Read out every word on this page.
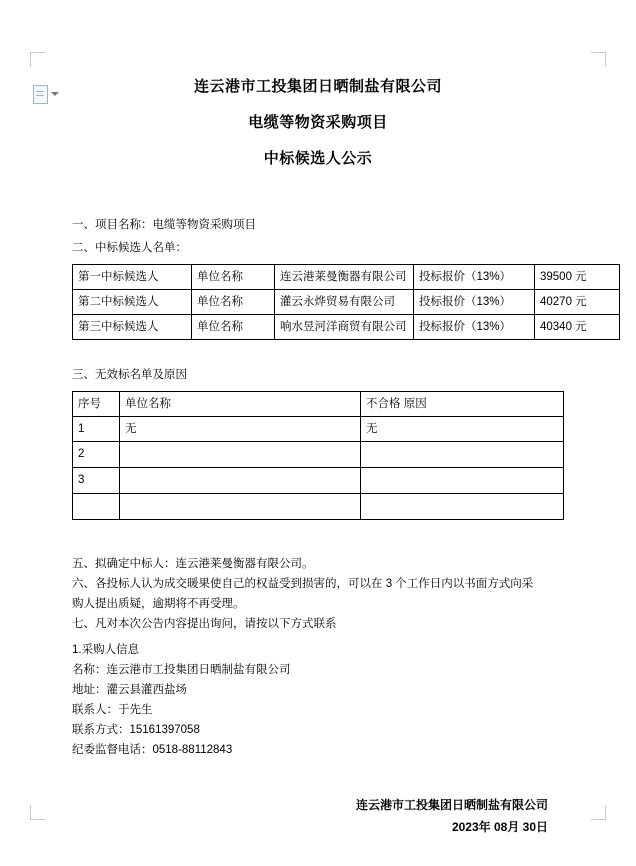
连云港市工投集团日晒制盐有限公司
电缆等物资采购项目
中标候选人公示
一、项目名称：电缆等物资采购项目
二、中标候选人名单：
第一中标候选人	单位名称	连云港莱曼衡器有限公司	投标报价（13%）	39500 元
第二中标候选人	单位名称	灌云永烨贸易有限公司	投标报价（13%）	40270 元
第三中标候选人	单位名称	响水昱河洋商贸有限公司	投标报价（13%）	40340 元
三、无效标名单及原因
序号	单位名称	不合格 原因
1	无	无
2		
3		

五、拟确定中标人：连云港莱曼衡器有限公司。
六、各投标人认为成交暖果使自己的权益受到损害的，可以在 3 个工作日内以书面方式向采
购人提出质疑，逾期将不再受理。
七、凡对本次公告内容提出询问，请按以下方式联系
1.采购人信息
名称：连云港市工投集团日晒制盐有限公司
地址：灌云县灌西盐场
联系人：于先生
联系方式：15161397058
纪委监督电话：0518-88112843
连云港市工投集团日晒制盐有限公司
2023年 08月 30日
